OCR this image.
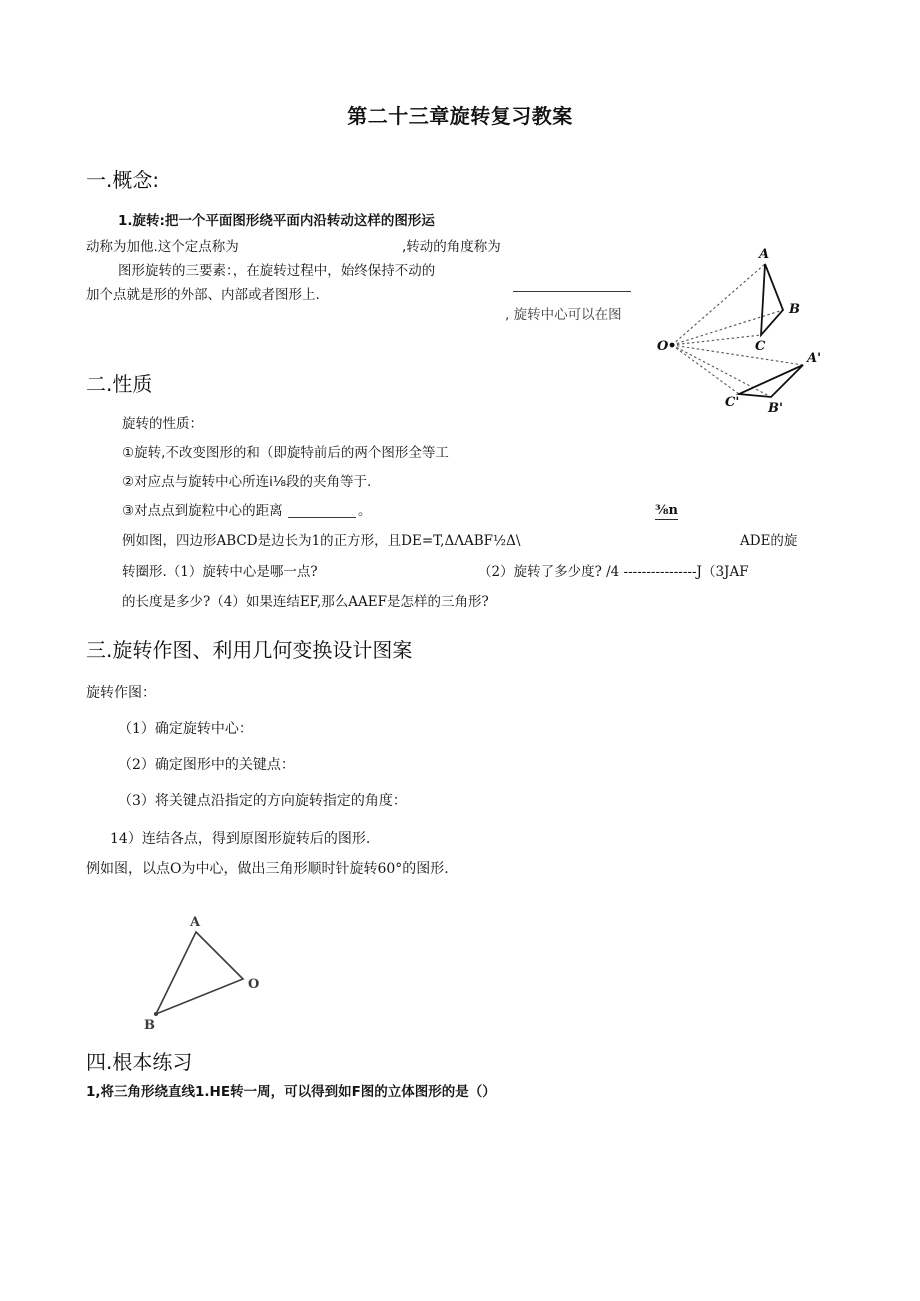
第二十三章旋转复习教案
一.概念:
1.旋转:把一个平面图形绕平面内沿转动这样的图形运
动称为加他.这个定点称为	,转动的角度称为
图形旋转的三要素：，在旋转过程中，始终保持不动的
加个点就是形的外部、内部或者图形上.
, 旋转中心可以在图
A
B
C
O
A'
B'
C'
二.性质
旋转的性质：
①旋转,不改变图形的和（即旋特前后的两个图形全等工
②对应点与旋转中心所连i⅛段的夹角等于.
③对点点到旋粒中心的距离	。	⅜n
例如图，四边形ABCD是边长为1的正方形，且DE=T,ΔΛABF½Δ\	ADE的旋
转圈形.（1）旋转中心是哪一点?	（2）旋转了多少度? /4 ----------------J（3JAF
的长度是多少?（4）如果连结EF,那么AAEF是怎样的三角形?
三.旋转作图、利用几何变换设计图案
旋转作图：
（1）确定旋转中心：
（2）确定图形中的关键点：
（3）将关键点沿指定的方向旋转指定的角度：
14）连结各点，得到原图形旋转后的图形.
例如图，以点O为中心，做出三角形顺时针旋转60°的图形.
A
O
B
四.根本练习
1,将三角形绕直线1.HE转一周，可以得到如F图的立体图形的是（）
